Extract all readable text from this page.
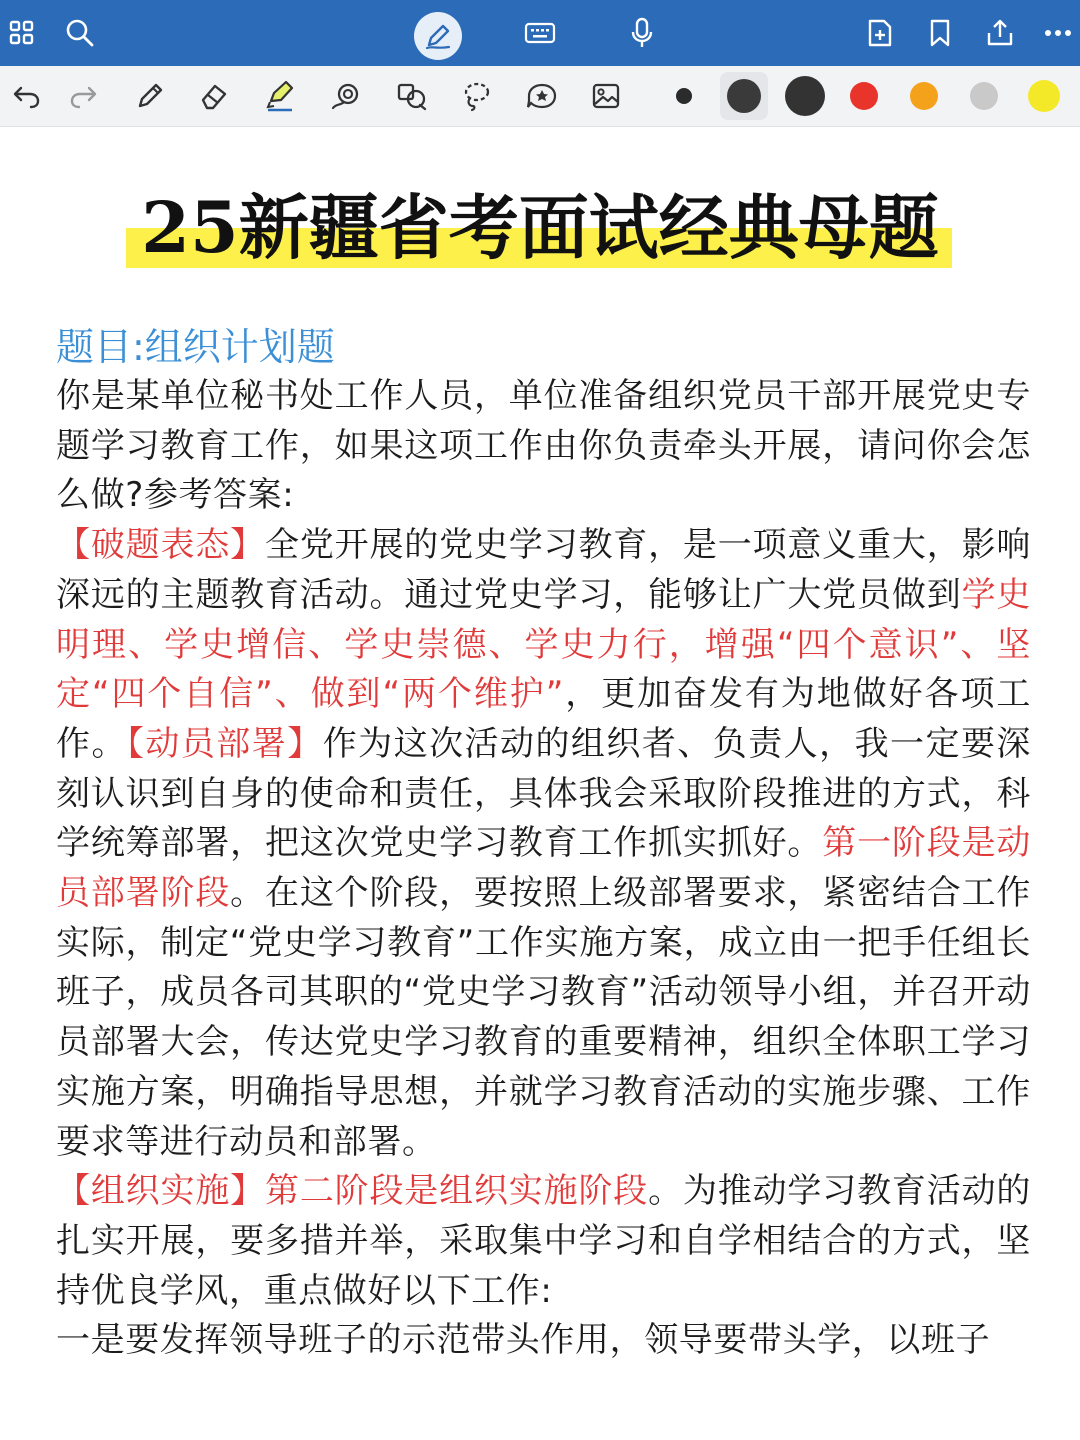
25新疆省考面试经典母题
题目:组织计划题
你是某单位秘书处工作人员，单位准备组织党员干部开展党史专题学习教育工作，如果这项工作由你负责牵头开展，请问你会怎么做?参考答案:
【破题表态】全党开展的党史学习教育，是一项意义重大，影响深远的主题教育活动。通过党史学习，能够让广大党员做到学史明理、学史增信、学史崇德、学史力行，增强“四个意识”、坚定“四个自信”、做到“两个维护”，更加奋发有为地做好各项工作。【动员部署】作为这次活动的组织者、负责人，我一定要深刻认识到自身的使命和责任，具体我会采取阶段推进的方式，科学统筹部署，把这次党史学习教育工作抓实抓好。第一阶段是动员部署阶段。在这个阶段，要按照上级部署要求，紧密结合工作实际，制定“党史学习教育”工作实施方案，成立由一把手任组长班子，成员各司其职的“党史学习教育”活动领导小组，并召开动员部署大会，传达党史学习教育的重要精神，组织全体职工学习实施方案，明确指导思想，并就学习教育活动的实施步骤、工作要求等进行动员和部署。
【组织实施】第二阶段是组织实施阶段。为推动学习教育活动的扎实开展，要多措并举，采取集中学习和自学相结合的方式，坚持优良学风，重点做好以下工作:
一是要发挥领导班子的示范带头作用，领导要带头学，以班子
